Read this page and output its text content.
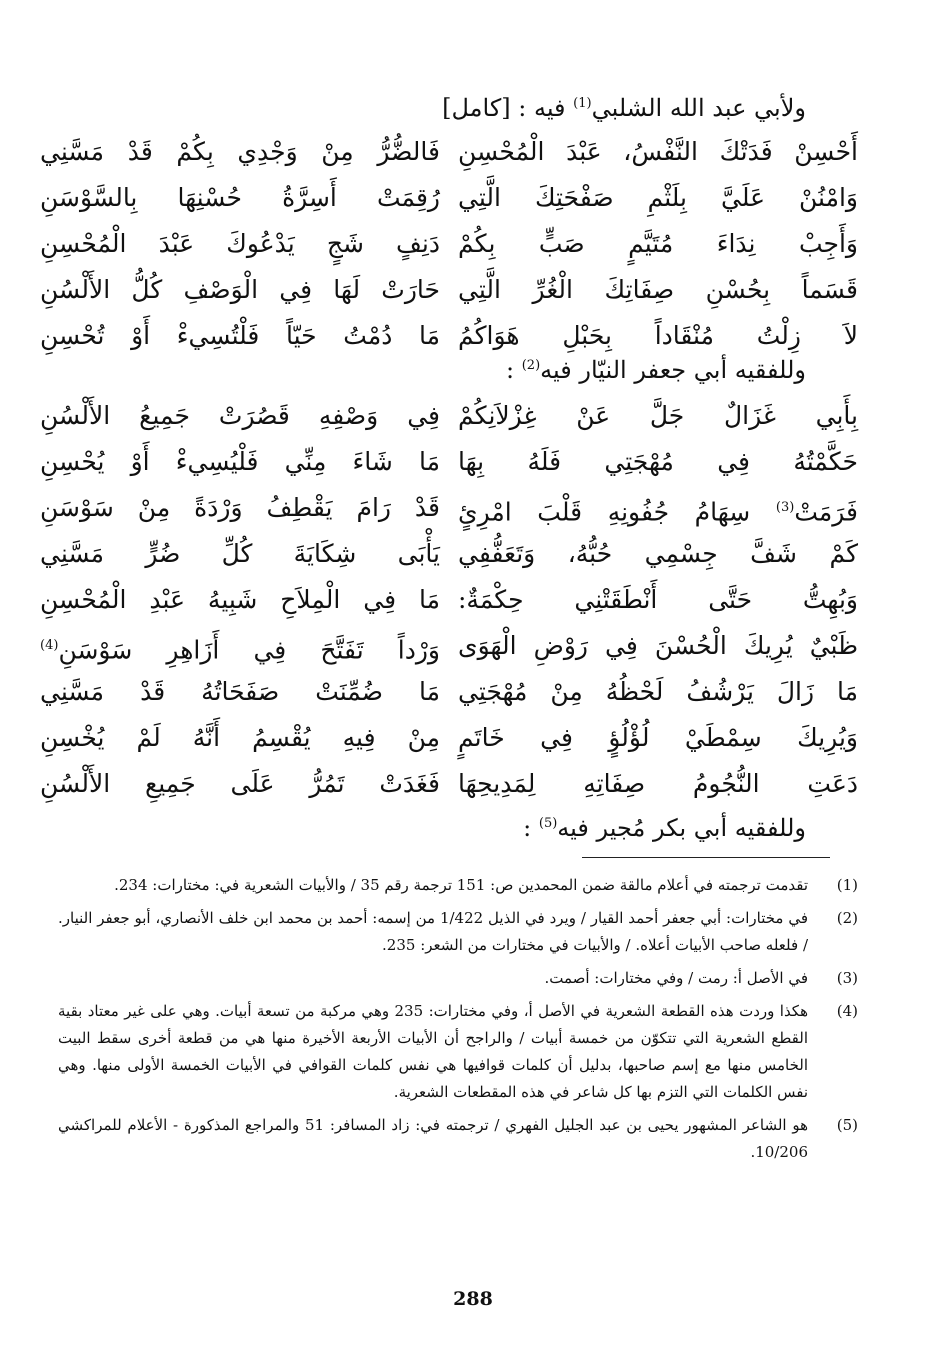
ولأبي عبد الله الشلبي$^{(1)}$ فيه : [كامل]
أَحْسِنْ فَدَتْكَ النَّفْسُ، عَبْدَ الْمُحْسِنِ
فَالضُّرُّ مِنْ وَجْدِي بِكُمْ قَدْ مَسَّنِي
وَامْنُنْ عَلَيَّ بِلَثْمِ صَفْحَتِكَ الَّتِي
رُقِمَتْ أَسِرَّةُ حُسْنِهَا بِالسَّوْسَنِ
وَأَجِبْ نِدَاءَ مُتَيَّمٍ صَبٍّ بِكُمْ
دَنِفٍ شَجٍ يَدْعُوكَ عَبْدَ الْمُحْسِنِ
قَسَماً بِحُسْنِ صِفَاتِكَ الْغُرِّ الَّتِي
حَارَتْ لَهَا فِي الْوَصْفِ كُلُّ الأَلْسُنِ
لاَ زِلْتُ مُنْقَاداً بِحَبْلِ هَوَاكُمُ
مَا دُمْتُ حَيّاً فَلْتُسِيءْ أَوْ تُحْسِنِ
وللفقيه أبي جعفر النيّار فيه$^{(2)}$ :
بِأَبِي غَزَالٌ جَلَّ عَنْ غِزْلاَنِكُمْ
فِي وَصْفِهِ قَصُرَتْ جَمِيعُ الأَلْسُنِ
حَكَّمْتُهُ فِي مُهْجَتِي فَلَهُ بِهَا
مَا شَاءَ مِنِّي فَلْيُسِيءْ أَوْ يُحْسِنِ
فَرَمَتْ$^{(3)}$ سِهَامُ جُفُونِهِ قَلْبَ امْرِئٍ
قَدْ رَامَ يَقْطِفُ وَرْدَةً مِنْ سَوْسَنِ
كَمْ شَفَّ جِسْمِي حُبُّهُ، وَتَعَفُّفِي
يَأْبَى شِكَايَةَ كُلِّ ضُرٍّ مَسَّنِي
وَبُهِتُّ حَتَّى أَنْطَقَتْنِي حِكْمَةٌ:
مَا فِي الْمِلاَحِ شَبِيهُ عَبْدِ الْمُحْسِنِ
ظَبْيٌ يُرِيكَ الْحُسْنَ فِي رَوْضِ الْهَوَى
وَرْداً تَفَتَّحَ فِي أَزَاهِرِ سَوْسَنِ$^{(4)}$
مَا زَالَ يَرْشُفُ لَحْظُهُ مِنْ مُهْجَتِي
مَا ضُمِّنَتْ صَفَحَاتُهُ قَدْ مَسَّنِي
وَيُرِيكَ سِمْطَيْ لُؤْلُؤٍ فِي خَاتَمٍ
مِنْ فِيهِ يُقْسِمُ أَنَّهُ لَمْ يُخْسِنِ
دَعَتِ النُّجُومُ صِفَاتِهِ لِمَدِيحِهَا
فَغَدَتْ تَمُرُّ عَلَى جَمِيعِ الأَلْسُنِ
وللفقيه أبي بكر مُجير فيه$^{(5)}$ :
(1)
تقدمت ترجمته في أعلام مالقة ضمن المحمدين ص: 151 ترجمة رقم 35 / والأبيات الشعرية في: مختارات: 234.
(2)
في مختارات: أبي جعفر أحمد القيار / ويرد في الذيل 1/422 من إسمه: أحمد بن محمد ابن خلف الأنصاري، أبو جعفر النيار. / فلعله صاحب الأبيات أعلاه. / والأبيات في مختارات من الشعر: 235.
(3)
في الأصل أ: رمت / وفي مختارات: أصمت.
(4)
هكذا وردت هذه القطعة الشعرية في الأصل أ، وفي مختارات: 235 وهي مركبة من تسعة أبيات. وهي على غير معتاد بقية القطع الشعرية التي تتكوّن من خمسة أبيات / والراجح أن الأبيات الأربعة الأخيرة منها هي من قطعة أخرى سقط البيت الخامس منها مع إسم صاحبها، بدليل أن كلمات قوافيها هي نفس كلمات القوافي في الأبيات الخمسة الأولى منها. وهي نفس الكلمات التي التزم بها كل شاعر في هذه المقطعات الشعرية.
(5)
هو الشاعر المشهور يحيى بن عبد الجليل الفهري / ترجمته في: زاد المسافر: 51 والمراجع المذكورة - الأعلام للمراكشي 10/206.
288
